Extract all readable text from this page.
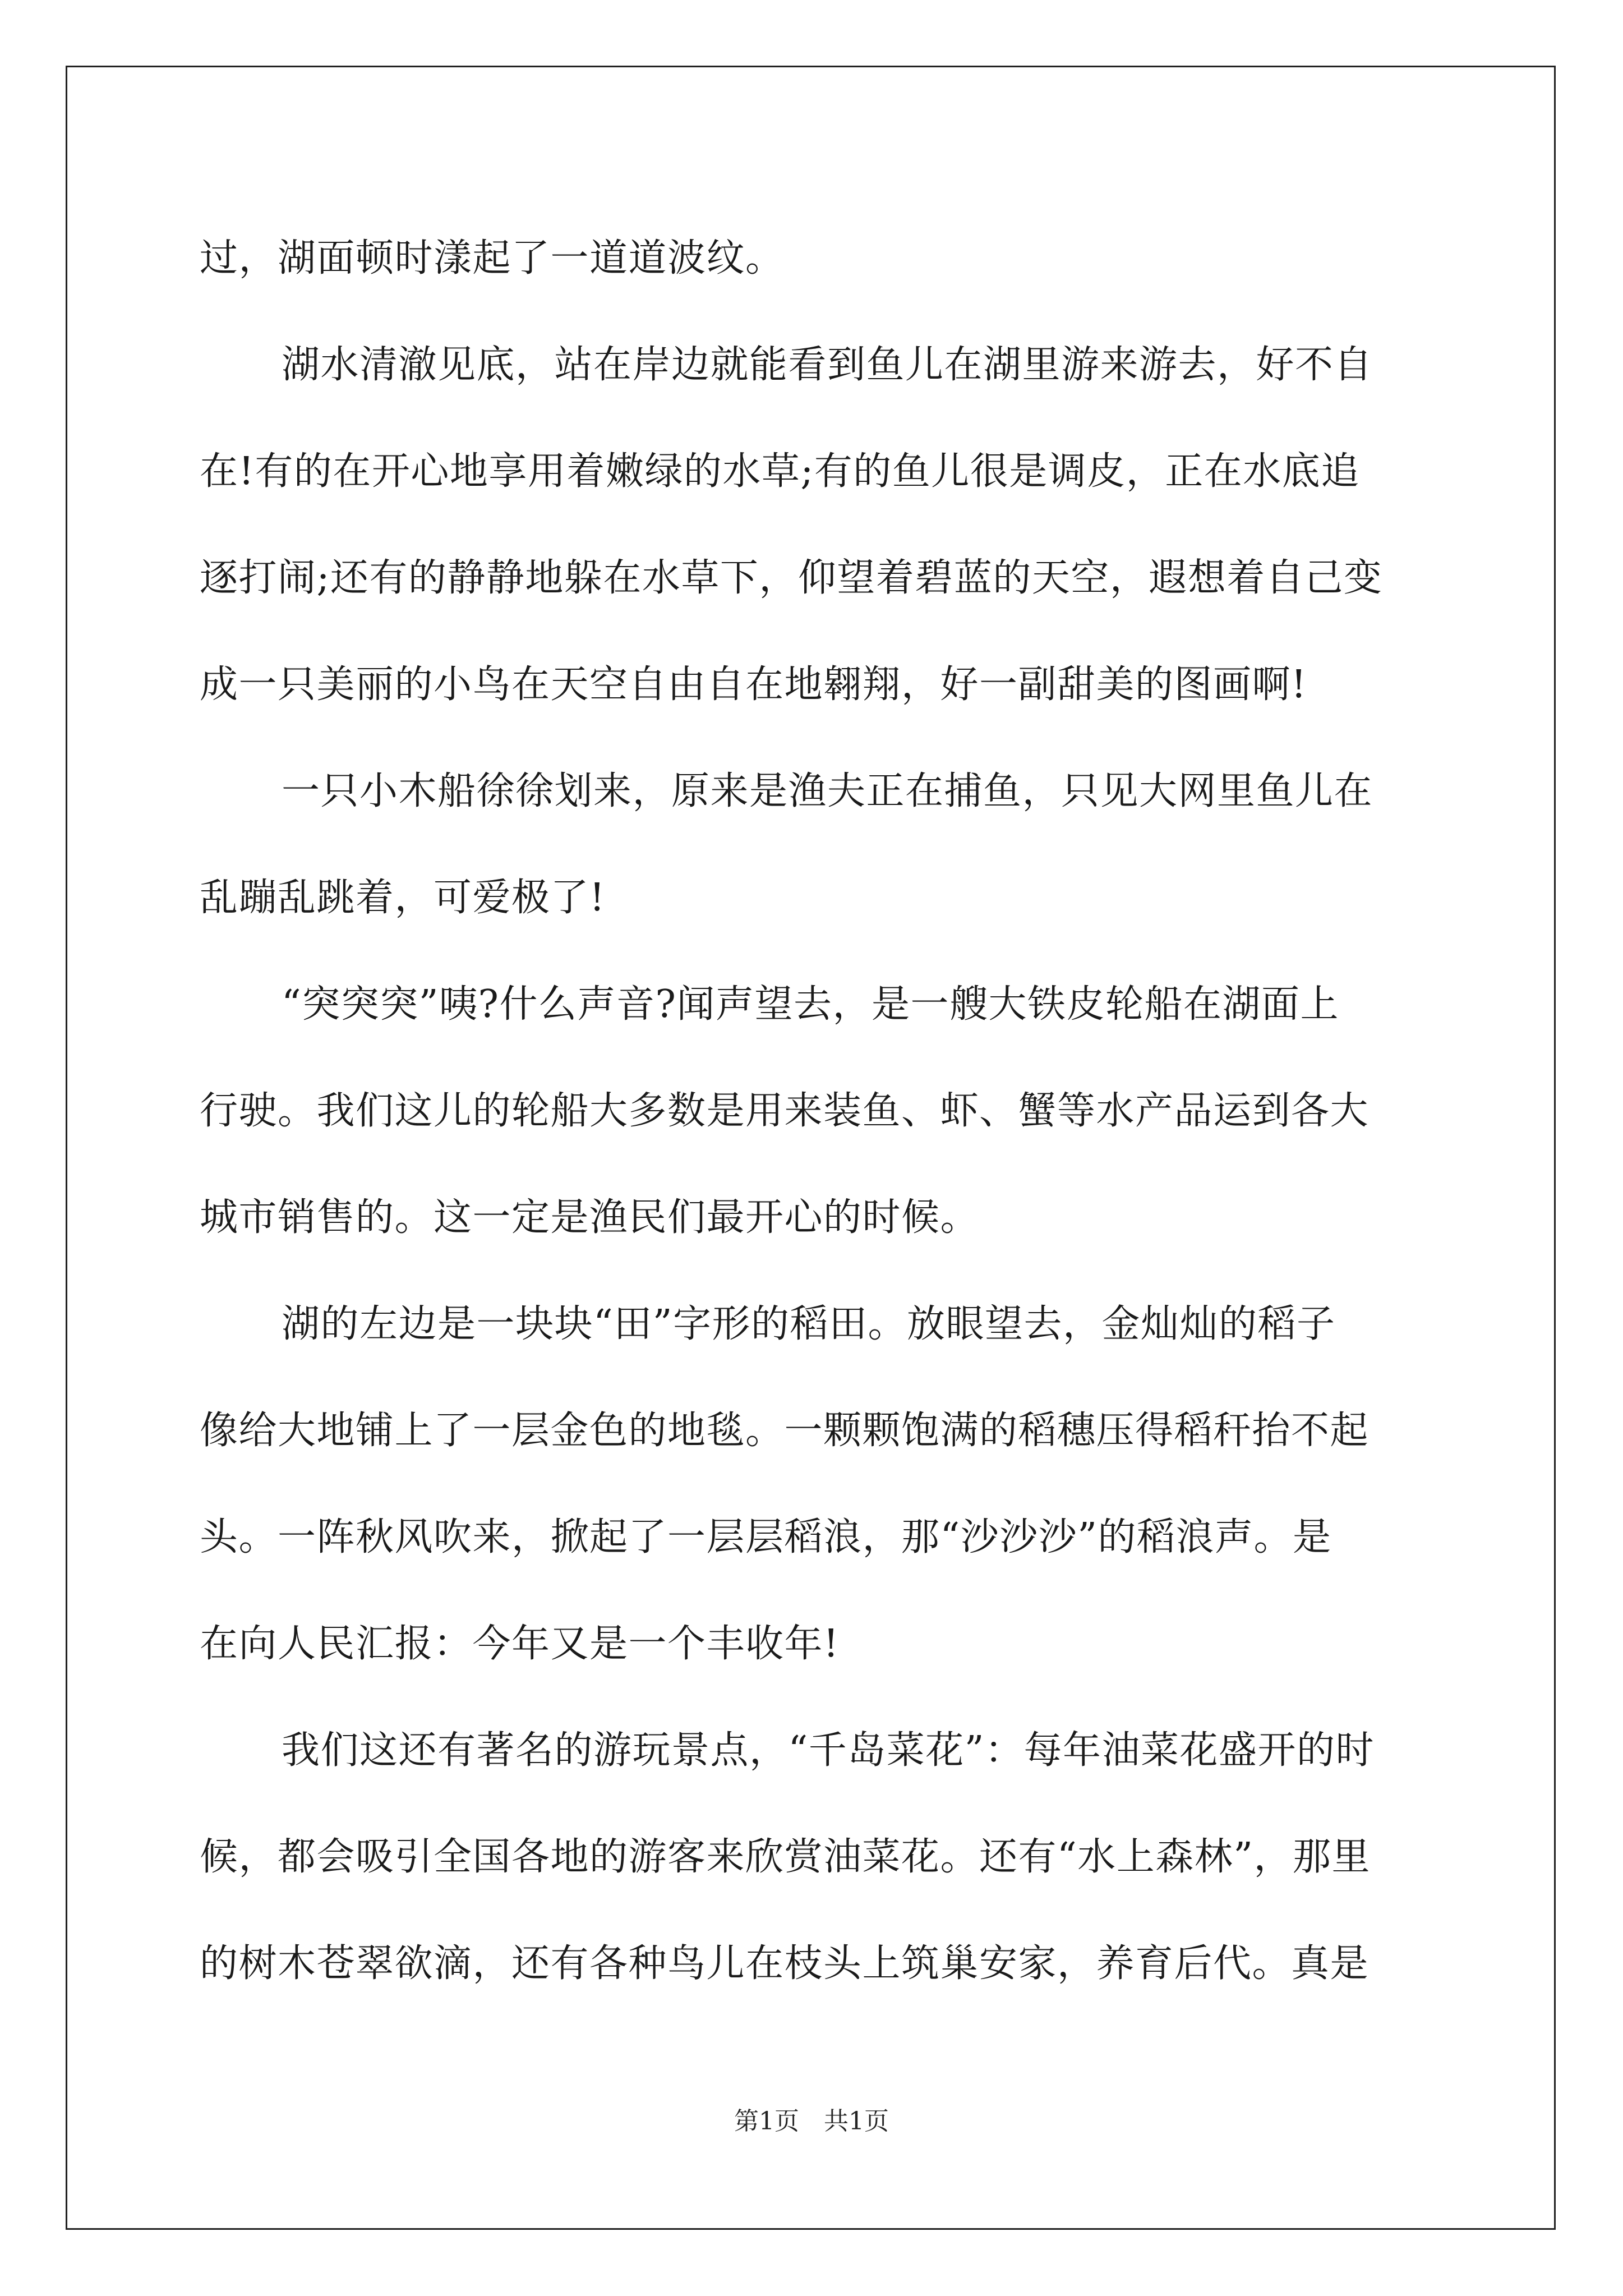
过，湖面顿时漾起了一道道波纹。
湖水清澈见底，站在岸边就能看到鱼儿在湖里游来游去，好不自
在!有的在开心地享用着嫩绿的水草;有的鱼儿很是调皮，正在水底追
逐打闹;还有的静静地躲在水草下，仰望着碧蓝的天空，遐想着自己变
成一只美丽的小鸟在天空自由自在地翱翔，好一副甜美的图画啊!
一只小木船徐徐划来，原来是渔夫正在捕鱼，只见大网里鱼儿在
乱蹦乱跳着，可爱极了!
“突突突”咦?什么声音?闻声望去，是一艘大铁皮轮船在湖面上
行驶。我们这儿的轮船大多数是用来装鱼、虾、蟹等水产品运到各大
城市销售的。这一定是渔民们最开心的时候。
湖的左边是一块块“田”字形的稻田。放眼望去，金灿灿的稻子
像给大地铺上了一层金色的地毯。一颗颗饱满的稻穗压得稻秆抬不起
头。一阵秋风吹来，掀起了一层层稻浪，那“沙沙沙”的稻浪声。是
在向人民汇报：今年又是一个丰收年!
我们这还有著名的游玩景点，“千岛菜花”：每年油菜花盛开的时
候，都会吸引全国各地的游客来欣赏油菜花。还有“水上森林”，那里
的树木苍翠欲滴，还有各种鸟儿在枝头上筑巢安家，养育后代。真是
第1页　共1页
